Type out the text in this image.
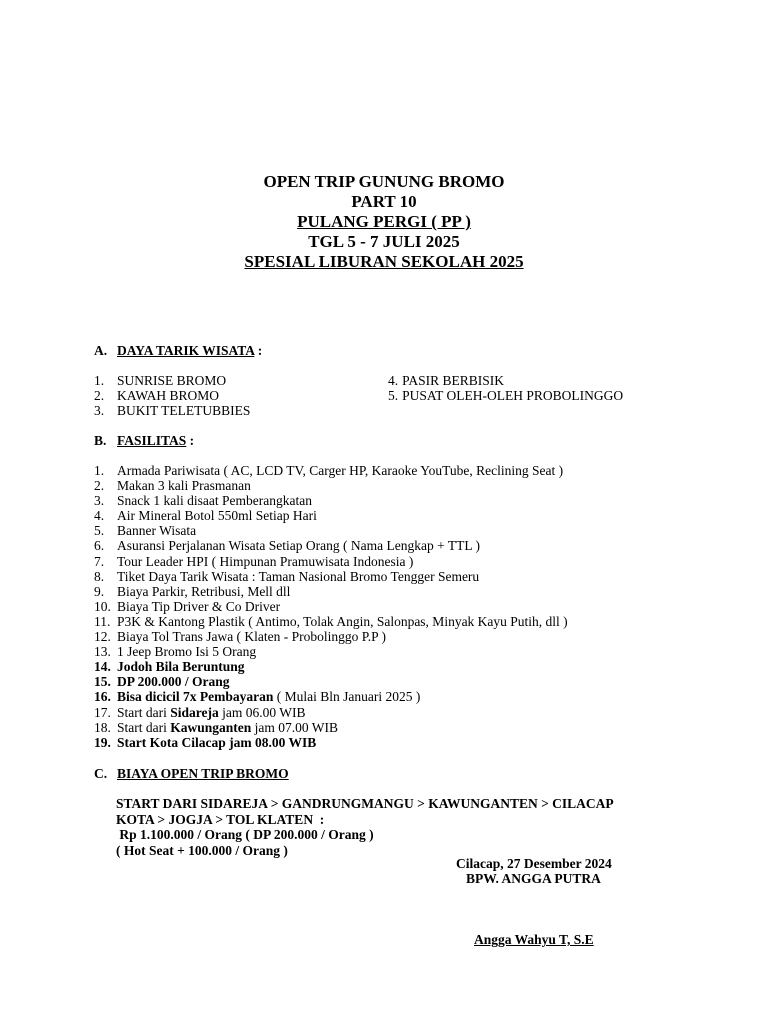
OPEN TRIP GUNUNG BROMO
PART 10
PULANG PERGI ( PP )
TGL 5 - 7 JULI 2025
SPESIAL LIBURAN SEKOLAH 2025
A. DAYA TARIK WISATA :
1. SUNRISE BROMO
2. KAWAH BROMO
3. BUKIT TELETUBBIES
4. PASIR BERBISIK
5. PUSAT OLEH-OLEH PROBOLINGGO
B. FASILITAS :
1. Armada Pariwisata ( AC, LCD TV, Carger HP, Karaoke YouTube, Reclining Seat )
2. Makan 3 kali Prasmanan
3. Snack 1 kali disaat Pemberangkatan
4. Air Mineral Botol 550ml Setiap Hari
5. Banner Wisata
6. Asuransi Perjalanan Wisata Setiap Orang ( Nama Lengkap + TTL )
7. Tour Leader HPI ( Himpunan Pramuwisata Indonesia )
8. Tiket Daya Tarik Wisata : Taman Nasional Bromo Tengger Semeru
9. Biaya Parkir, Retribusi, Mell dll
10. Biaya Tip Driver & Co Driver
11. P3K & Kantong Plastik ( Antimo, Tolak Angin, Salonpas, Minyak Kayu Putih, dll )
12. Biaya Tol Trans Jawa ( Klaten - Probolinggo P.P )
13. 1 Jeep Bromo Isi 5 Orang
14. Jodoh Bila Beruntung
15. DP 200.000 / Orang
16. Bisa dicicil 7x Pembayaran ( Mulai Bln Januari 2025 )
17. Start dari Sidareja jam 06.00 WIB
18. Start dari Kawunganten jam 07.00 WIB
19. Start Kota Cilacap jam 08.00 WIB
C. BIAYA OPEN TRIP BROMO
START DARI SIDAREJA > GANDRUNGMANGU > KAWUNGANTEN > CILACAP
KOTA > JOGJA > TOL KLATEN  :
Rp 1.100.000 / Orang ( DP 200.000 / Orang )
( Hot Seat + 100.000 / Orang )
Cilacap, 27 Desember 2024
BPW. ANGGA PUTRA
Angga Wahyu T, S.E
